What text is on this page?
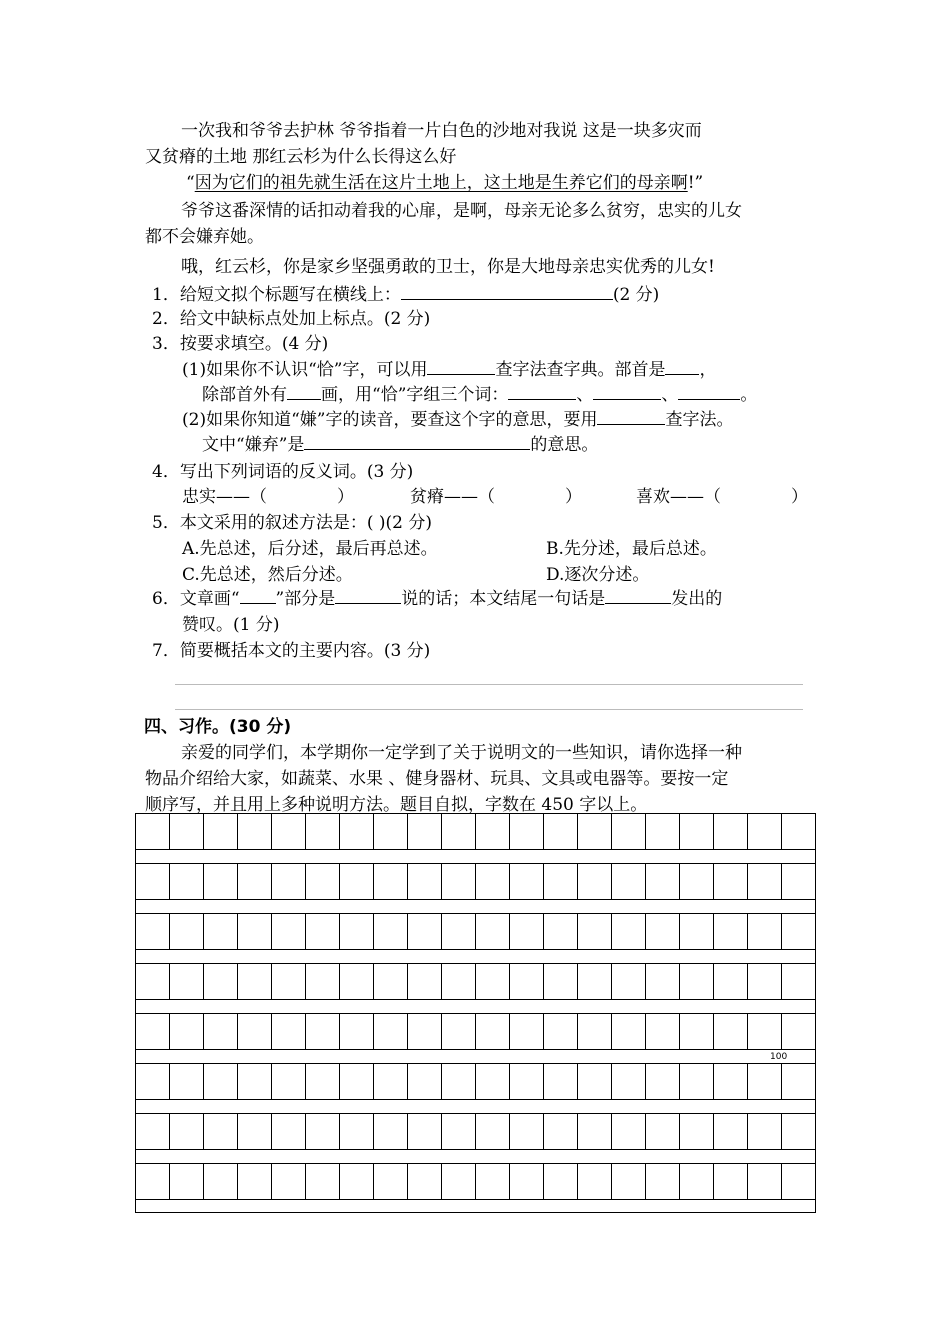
一次我和爷爷去护林 爷爷指着一片白色的沙地对我说 这是一块多灾而
又贫瘠的土地 那红云杉为什么长得这么好
“因为它们的祖先就生活在这片土地上，这土地是生养它们的母亲啊!”
爷爷这番深情的话扣动着我的心扉，是啊，母亲无论多么贫穷，忠实的儿女
都不会嫌弃她。
哦，红云杉，你是家乡坚强勇敢的卫士，你是大地母亲忠实优秀的儿女!
1．给短文拟个标题写在横线上：	(2 分)
2．给文中缺标点处加上标点。(2 分)
3．按要求填空。(4 分)
(1)如果你不认识“恰”字，可以用	查字法查字典。部首是 ，
除部首外有 画，用“恰”字组三个词：	、	、	。
(2)如果你知道“嫌”字的读音，要查这个字的意思，要用	查字法。
文中“嫌弃”是	的意思。
4．写出下列词语的反义词。(3 分)
忠实——（	）	贫瘠——（	）	喜欢——（	）
5．本文采用的叙述方法是：( )(2 分)
A.先总述，后分述，最后再总述。	B.先分述，最后总述。
C.先总述，然后分述。	D.逐次分述。
6．文章画“ ”部分是	说的话；本文结尾一句话是	发出的
赞叹。(1 分)
7．简要概括本文的主要内容。(3 分)
四、习作。(30 分)
亲爱的同学们，本学期你一定学到了关于说明文的一些知识，请你选择一种
物品介绍给大家，如蔬菜、水果 、健身器材、玩具、文具或电器等。要按一定
顺序写，并且用上多种说明方法。题目自拟，字数在 450 字以上。
100
